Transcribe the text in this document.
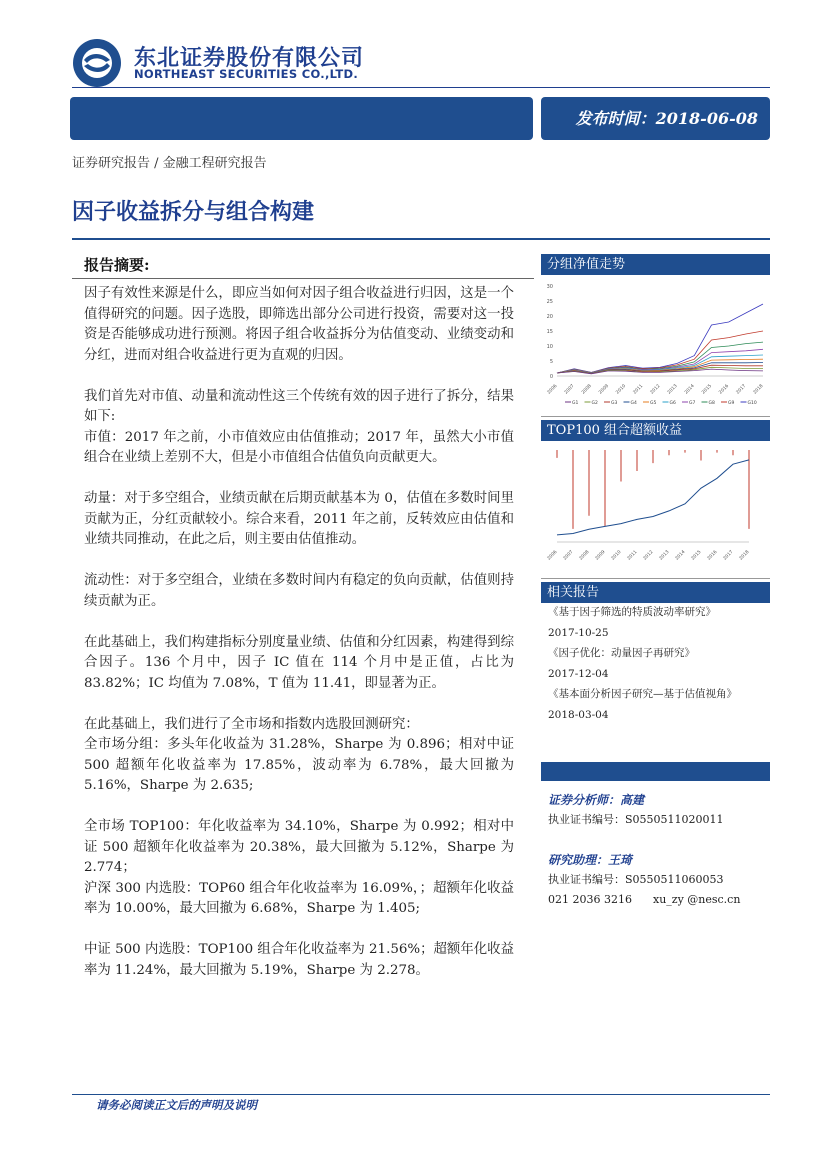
东北证券股份有限公司
NORTHEAST SECURITIES CO.,LTD.
发布时间：2018-06-08
证券研究报告 / 金融工程研究报告
因子收益拆分与组合构建
报告摘要:

因子有效性来源是什么，即应当如何对因子组合收益进行归因，这是一个值得研究的问题。因子选股，即筛选出部分公司进行投资，需要对这一投资是否能够成功进行预测。将因子组合收益拆分为估值变动、业绩变动和分红，进而对组合收益进行更为直观的归因。

我们首先对市值、动量和流动性这三个传统有效的因子进行了拆分，结果如下:

市值：2017 年之前，小市值效应由估值推动；2017 年，虽然大小市值组合在业绩上差别不大，但是小市值组合估值负向贡献更大。

动量：对于多空组合，业绩贡献在后期贡献基本为 0，估值在多数时间里贡献为正，分红贡献较小。综合来看，2011 年之前，反转效应由估值和业绩共同推动，在此之后，则主要由估值推动。

流动性：对于多空组合，业绩在多数时间内有稳定的负向贡献，估值则持续贡献为正。

在此基础上，我们构建指标分别度量业绩、估值和分红因素，构建得到综合因子。136 个月中，因子 IC 值在 114 个月中是正值，占比为 83.82%；IC 均值为 7.08%，T 值为 11.41，即显著为正。

在此基础上，我们进行了全市场和指数内选股回测研究：

全市场分组：多头年化收益为 31.28%，Sharpe 为 0.896；相对中证 500 超额年化收益率为 17.85%，波动率为 6.78%，最大回撤为 5.16%，Sharpe 为 2.635;

全市场 TOP100：年化收益率为 34.10%，Sharpe 为 0.992；相对中证 500 超额年化收益率为 20.38%，最大回撤为 5.12%，Sharpe 为 2.774；

沪深 300 内选股：TOP60 组合年化收益率为 16.09%，；超额年化收益率为 10.00%，最大回撤为 6.68%，Sharpe 为 1.405;

中证 500 内选股：TOP100 组合年化收益率为 21.56%；超额年化收益率为 11.24%，最大回撤为 5.19%，Sharpe 为 2.278。

分组净值走势
0
5
10
15
20
25
30
2006 2007 2008 2009 2010 2011 2012 2013 2014 2015 2016 2017 2018
G1	G2	G3	G4	G5	G6	G7	G8	G9	G10
TOP100 组合超额收益
2006 2007 2008 2009 2010 2011 2012 2013 2014 2015 2016 2017 2018
相关报告
《基于因子筛选的特质波动率研究》
2017-10-25
《因子优化：动量因子再研究》
2017-12-04
《基本面分析因子研究—基于估值视角》
2018-03-04
证券分析师：高建
执业证书编号：S0550511020011
研究助理：王琦
执业证书编号：S0550511060053
021 2036 3216 xu_zy @nesc.cn
请务必阅读正文后的声明及说明
